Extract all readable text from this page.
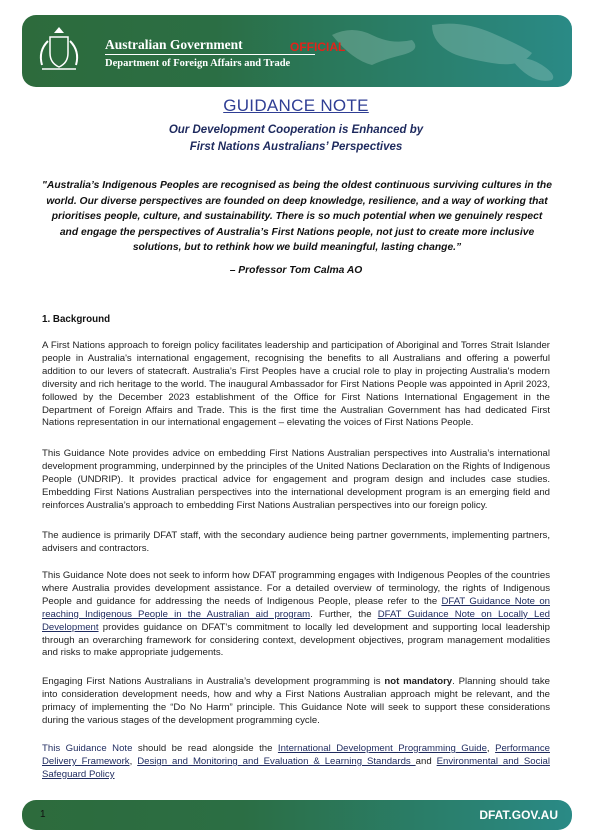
Australian Government
Department of Foreign Affairs and Trade
OFFICIAL
GUIDANCE NOTE
Our Development Cooperation is Enhanced by
First Nations Australians’ Perspectives
"Australia’s Indigenous Peoples are recognised as being the oldest continuous surviving cultures in the world. Our diverse perspectives are founded on deep knowledge, resilience, and a way of working that prioritises people, culture, and sustainability. There is so much potential when we genuinely respect and engage the perspectives of Australia’s First Nations people, not just to create more inclusive solutions, but to rethink how we build meaningful, lasting change.”
– Professor Tom Calma AO
1. Background
A First Nations approach to foreign policy facilitates leadership and participation of Aboriginal and Torres Strait Islander people in Australia's international engagement, recognising the benefits to all Australians and offering a powerful addition to our levers of statecraft. Australia’s First Peoples have a crucial role to play in projecting Australia's modern diversity and rich heritage to the world. The inaugural Ambassador for First Nations People was appointed in April 2023, followed by the December 2023 establishment of the Office for First Nations International Engagement in the Department of Foreign Affairs and Trade. This is the first time the Australian Government has had dedicated First Nations representation in our international engagement – elevating the voices of First Nations People.
This Guidance Note provides advice on embedding First Nations Australian perspectives into Australia’s international development programming, underpinned by the principles of the United Nations Declaration on the Rights of Indigenous People (UNDRIP). It provides practical advice for engagement and program design and includes case studies. Embedding First Nations Australian perspectives into the international development program is an emerging field and reinforces Australia’s approach to embedding First Nations Australian perspectives into our foreign policy.
The audience is primarily DFAT staff, with the secondary audience being partner governments, implementing partners, advisers and contractors.
This Guidance Note does not seek to inform how DFAT programming engages with Indigenous Peoples of the countries where Australia provides development assistance. For a detailed overview of terminology, the rights of Indigenous People and guidance for addressing the needs of Indigenous People, please refer to the DFAT Guidance Note on reaching Indigenous People in the Australian aid program. Further, the DFAT Guidance Note on Locally Led Development provides guidance on DFAT’s commitment to locally led development and supporting local leadership through an overarching framework for considering context, development objectives, program management modalities and risks to make appropriate judgements.
Engaging First Nations Australians in Australia’s development programming is not mandatory. Planning should take into consideration development needs, how and why a First Nations Australian approach might be relevant, and the primacy of implementing the “Do No Harm” principle. This Guidance Note will seek to support these considerations during the various stages of the development programming cycle.
This Guidance Note should be read alongside the International Development Programming Guide, Performance Delivery Framework, Design and Monitoring and Evaluation & Learning Standards and Environmental and Social Safeguard Policy
1	DFAT.GOV.AU
